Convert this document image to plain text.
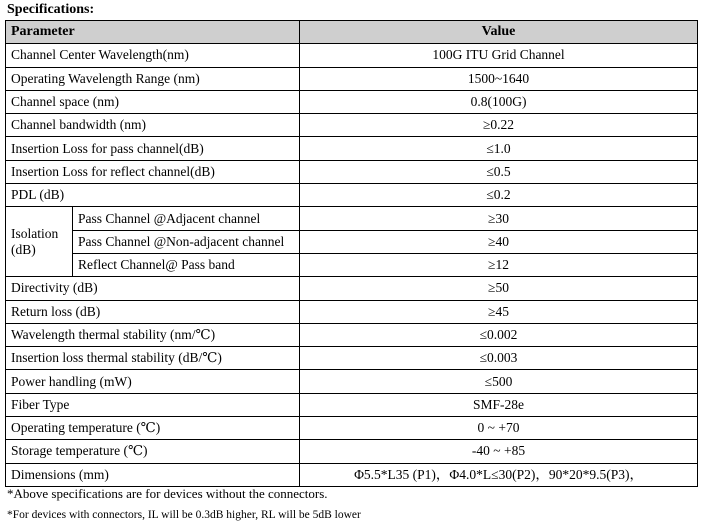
Specifications:
Parameter		Value
Channel Center Wavelength(nm)		100G ITU Grid Channel
Operating Wavelength Range (nm)		1500~1640
Channel space (nm)		0.8(100G)
Channel bandwidth (nm)		≥0.22
Insertion Loss for pass channel(dB)		≤1.0
Insertion Loss for reflect channel(dB)		≤0.5
PDL (dB)		≤0.2
Isolation
(dB)	Pass Channel @Adjacent channel	≥30
	Pass Channel @Non-adjacent channel	≥40
	Reflect Channel@ Pass band	≥12
Directivity (dB)		≥50
Return loss (dB)		≥45
Wavelength thermal stability (nm/℃)		≤0.002
Insertion loss thermal stability (dB/℃)		≤0.003
Power handling (mW)		≤500
Fiber Type		SMF-28e
Operating temperature (℃)		0 ~ +70
Storage temperature (℃)		-40 ~ +85
Dimensions (mm)		Φ5.5*L35 (P1)，Φ4.0*L≤30(P2)，90*20*9.5(P3)，
*Above specifications are for devices without the connectors.
*For devices with connectors, IL will be 0.3dB higher, RL will be 5dB lower
